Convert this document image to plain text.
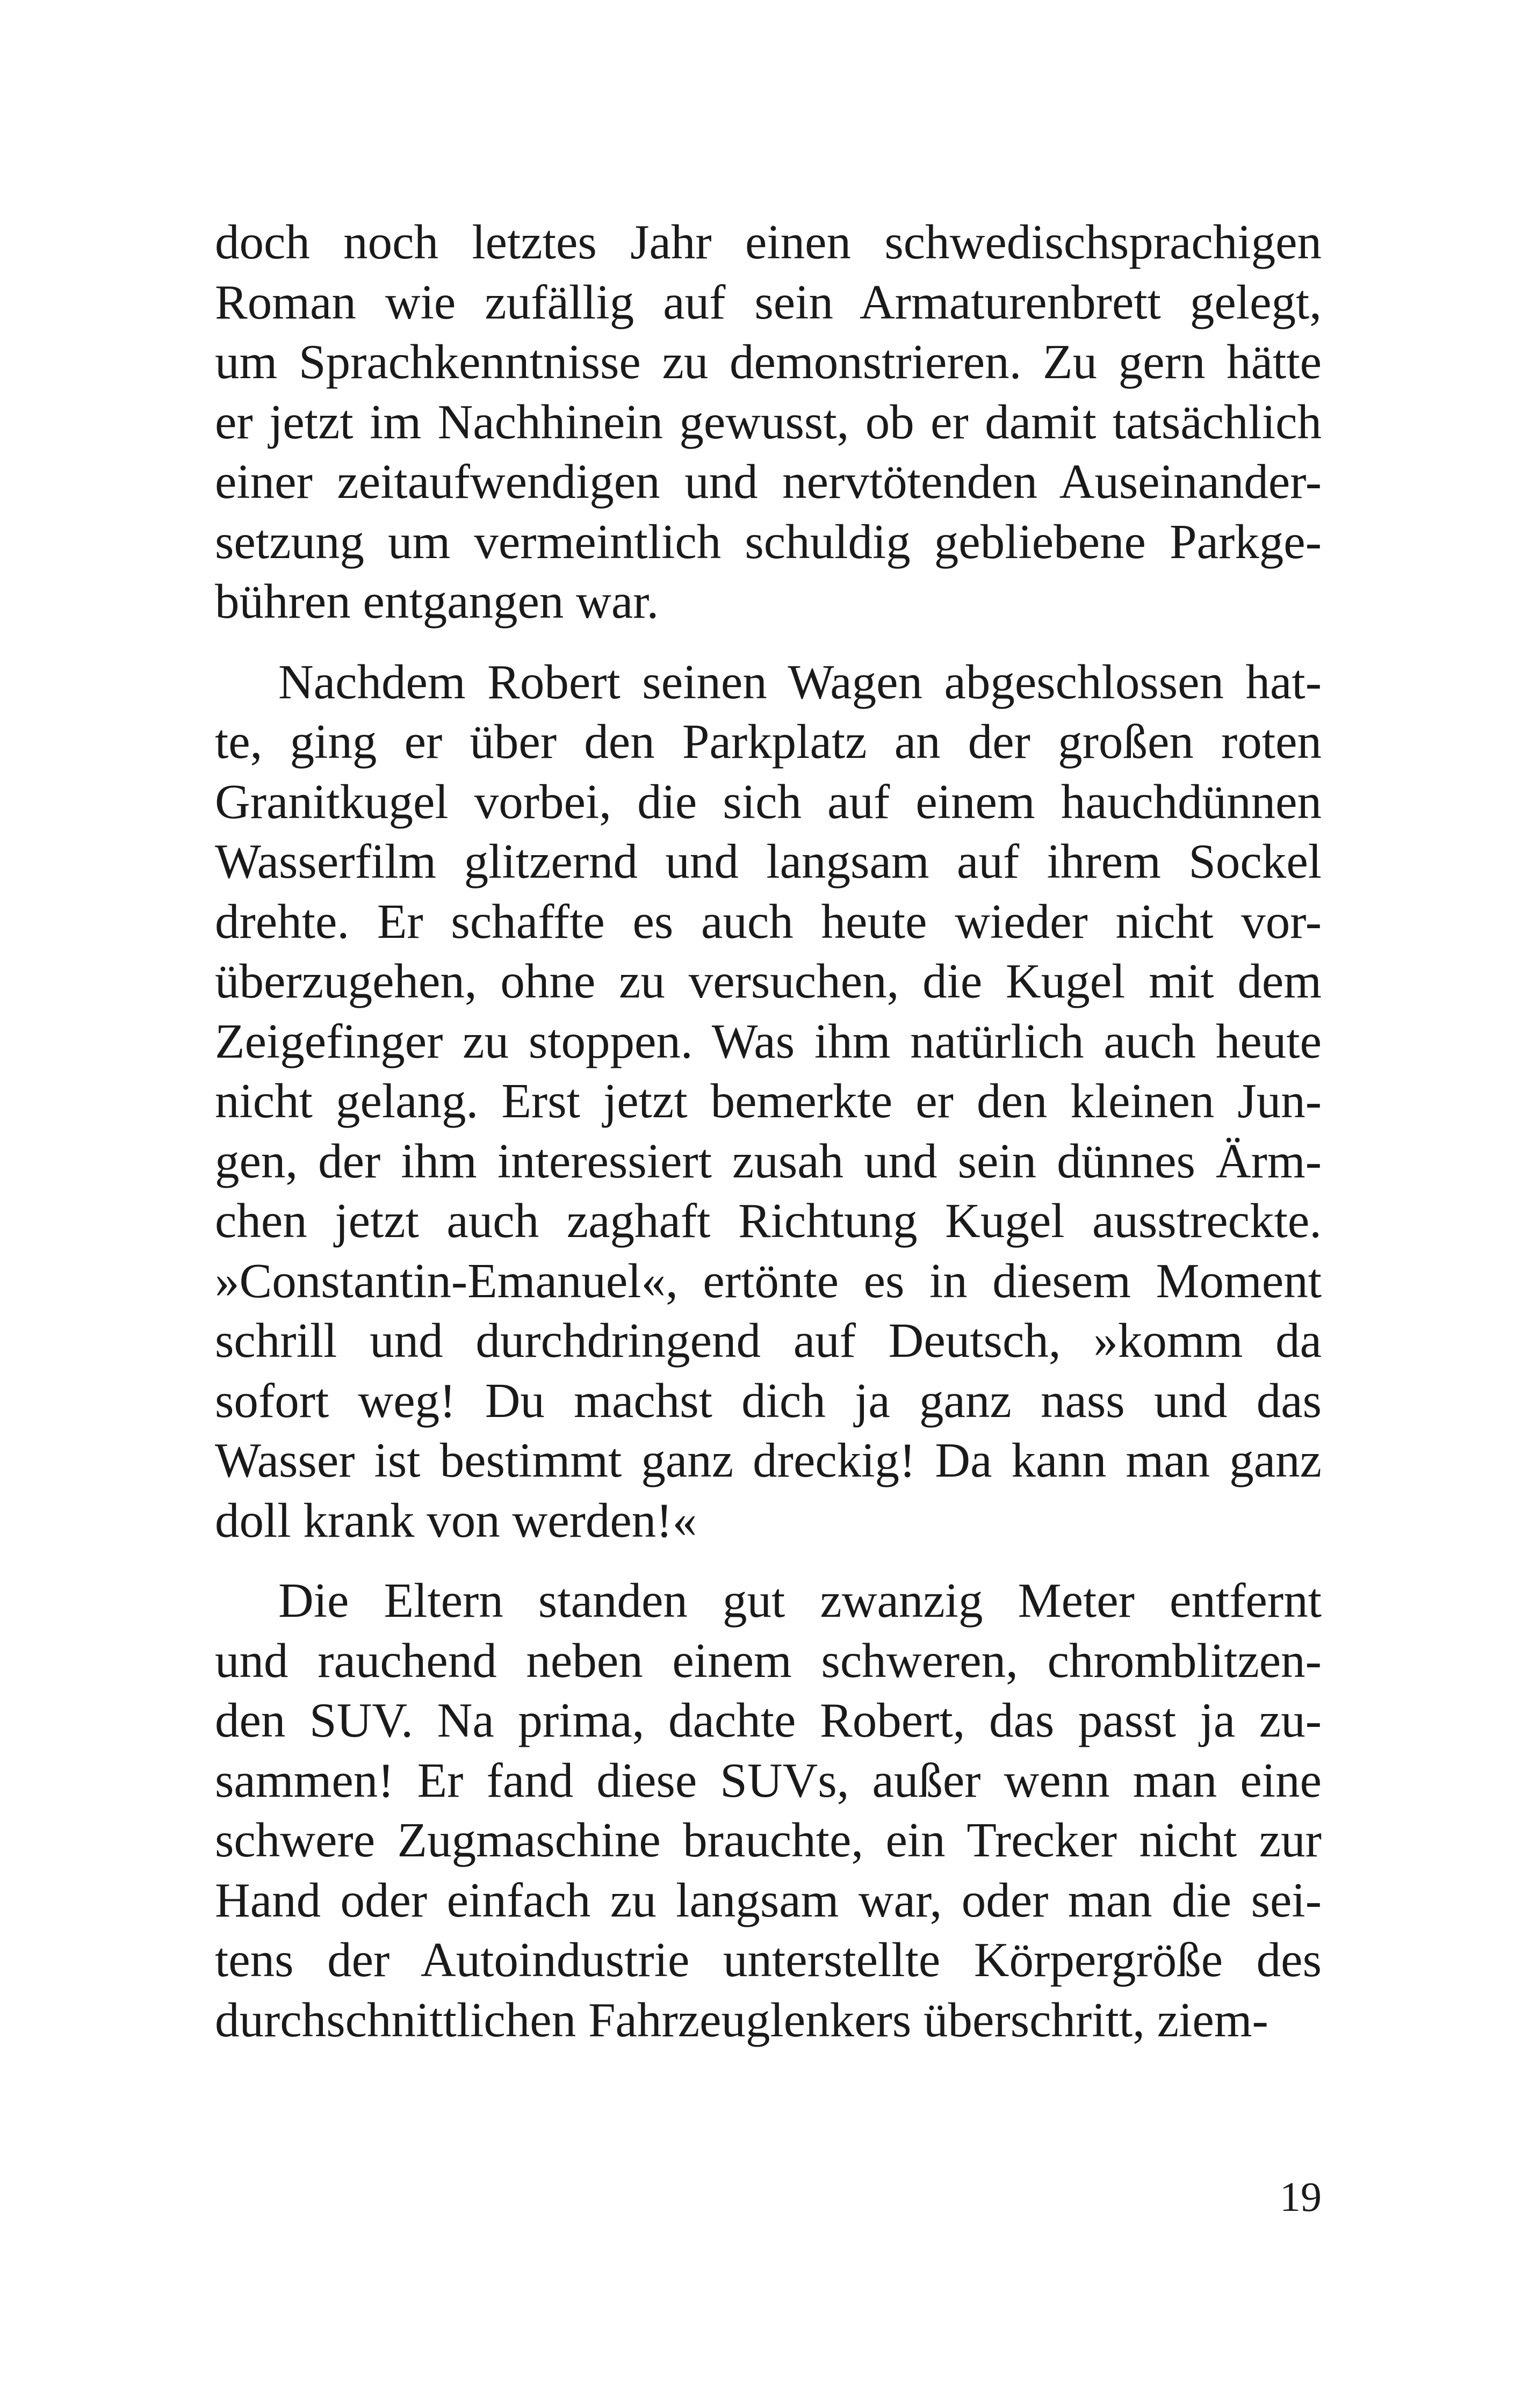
doch noch letztes Jahr einen schwedischsprachigen
Roman wie zufällig auf sein Armaturenbrett gelegt,
um Sprachkenntnisse zu demonstrieren. Zu gern hätte
er jetzt im Nachhinein gewusst, ob er damit tatsächlich
einer zeitaufwendigen und nervtötenden Auseinander-
setzung um vermeintlich schuldig gebliebene Parkge-
bühren entgangen war.
Nachdem Robert seinen Wagen abgeschlossen hat-
te, ging er über den Parkplatz an der großen roten
Granitkugel vorbei, die sich auf einem hauchdünnen
Wasserfilm glitzernd und langsam auf ihrem Sockel
drehte. Er schaffte es auch heute wieder nicht vor-
überzugehen, ohne zu versuchen, die Kugel mit dem
Zeigefinger zu stoppen. Was ihm natürlich auch heute
nicht gelang. Erst jetzt bemerkte er den kleinen Jun-
gen, der ihm interessiert zusah und sein dünnes Ärm-
chen jetzt auch zaghaft Richtung Kugel ausstreckte.
»Constantin-Emanuel«, ertönte es in diesem Moment
schrill und durchdringend auf Deutsch, »komm da
sofort weg! Du machst dich ja ganz nass und das
Wasser ist bestimmt ganz dreckig! Da kann man ganz
doll krank von werden!«
Die Eltern standen gut zwanzig Meter entfernt
und rauchend neben einem schweren, chromblitzen-
den SUV. Na prima, dachte Robert, das passt ja zu-
sammen! Er fand diese SUVs, außer wenn man eine
schwere Zugmaschine brauchte, ein Trecker nicht zur
Hand oder einfach zu langsam war, oder man die sei-
tens der Autoindustrie unterstellte Körpergröße des
durchschnittlichen Fahrzeuglenkers überschritt, ziem-
19
